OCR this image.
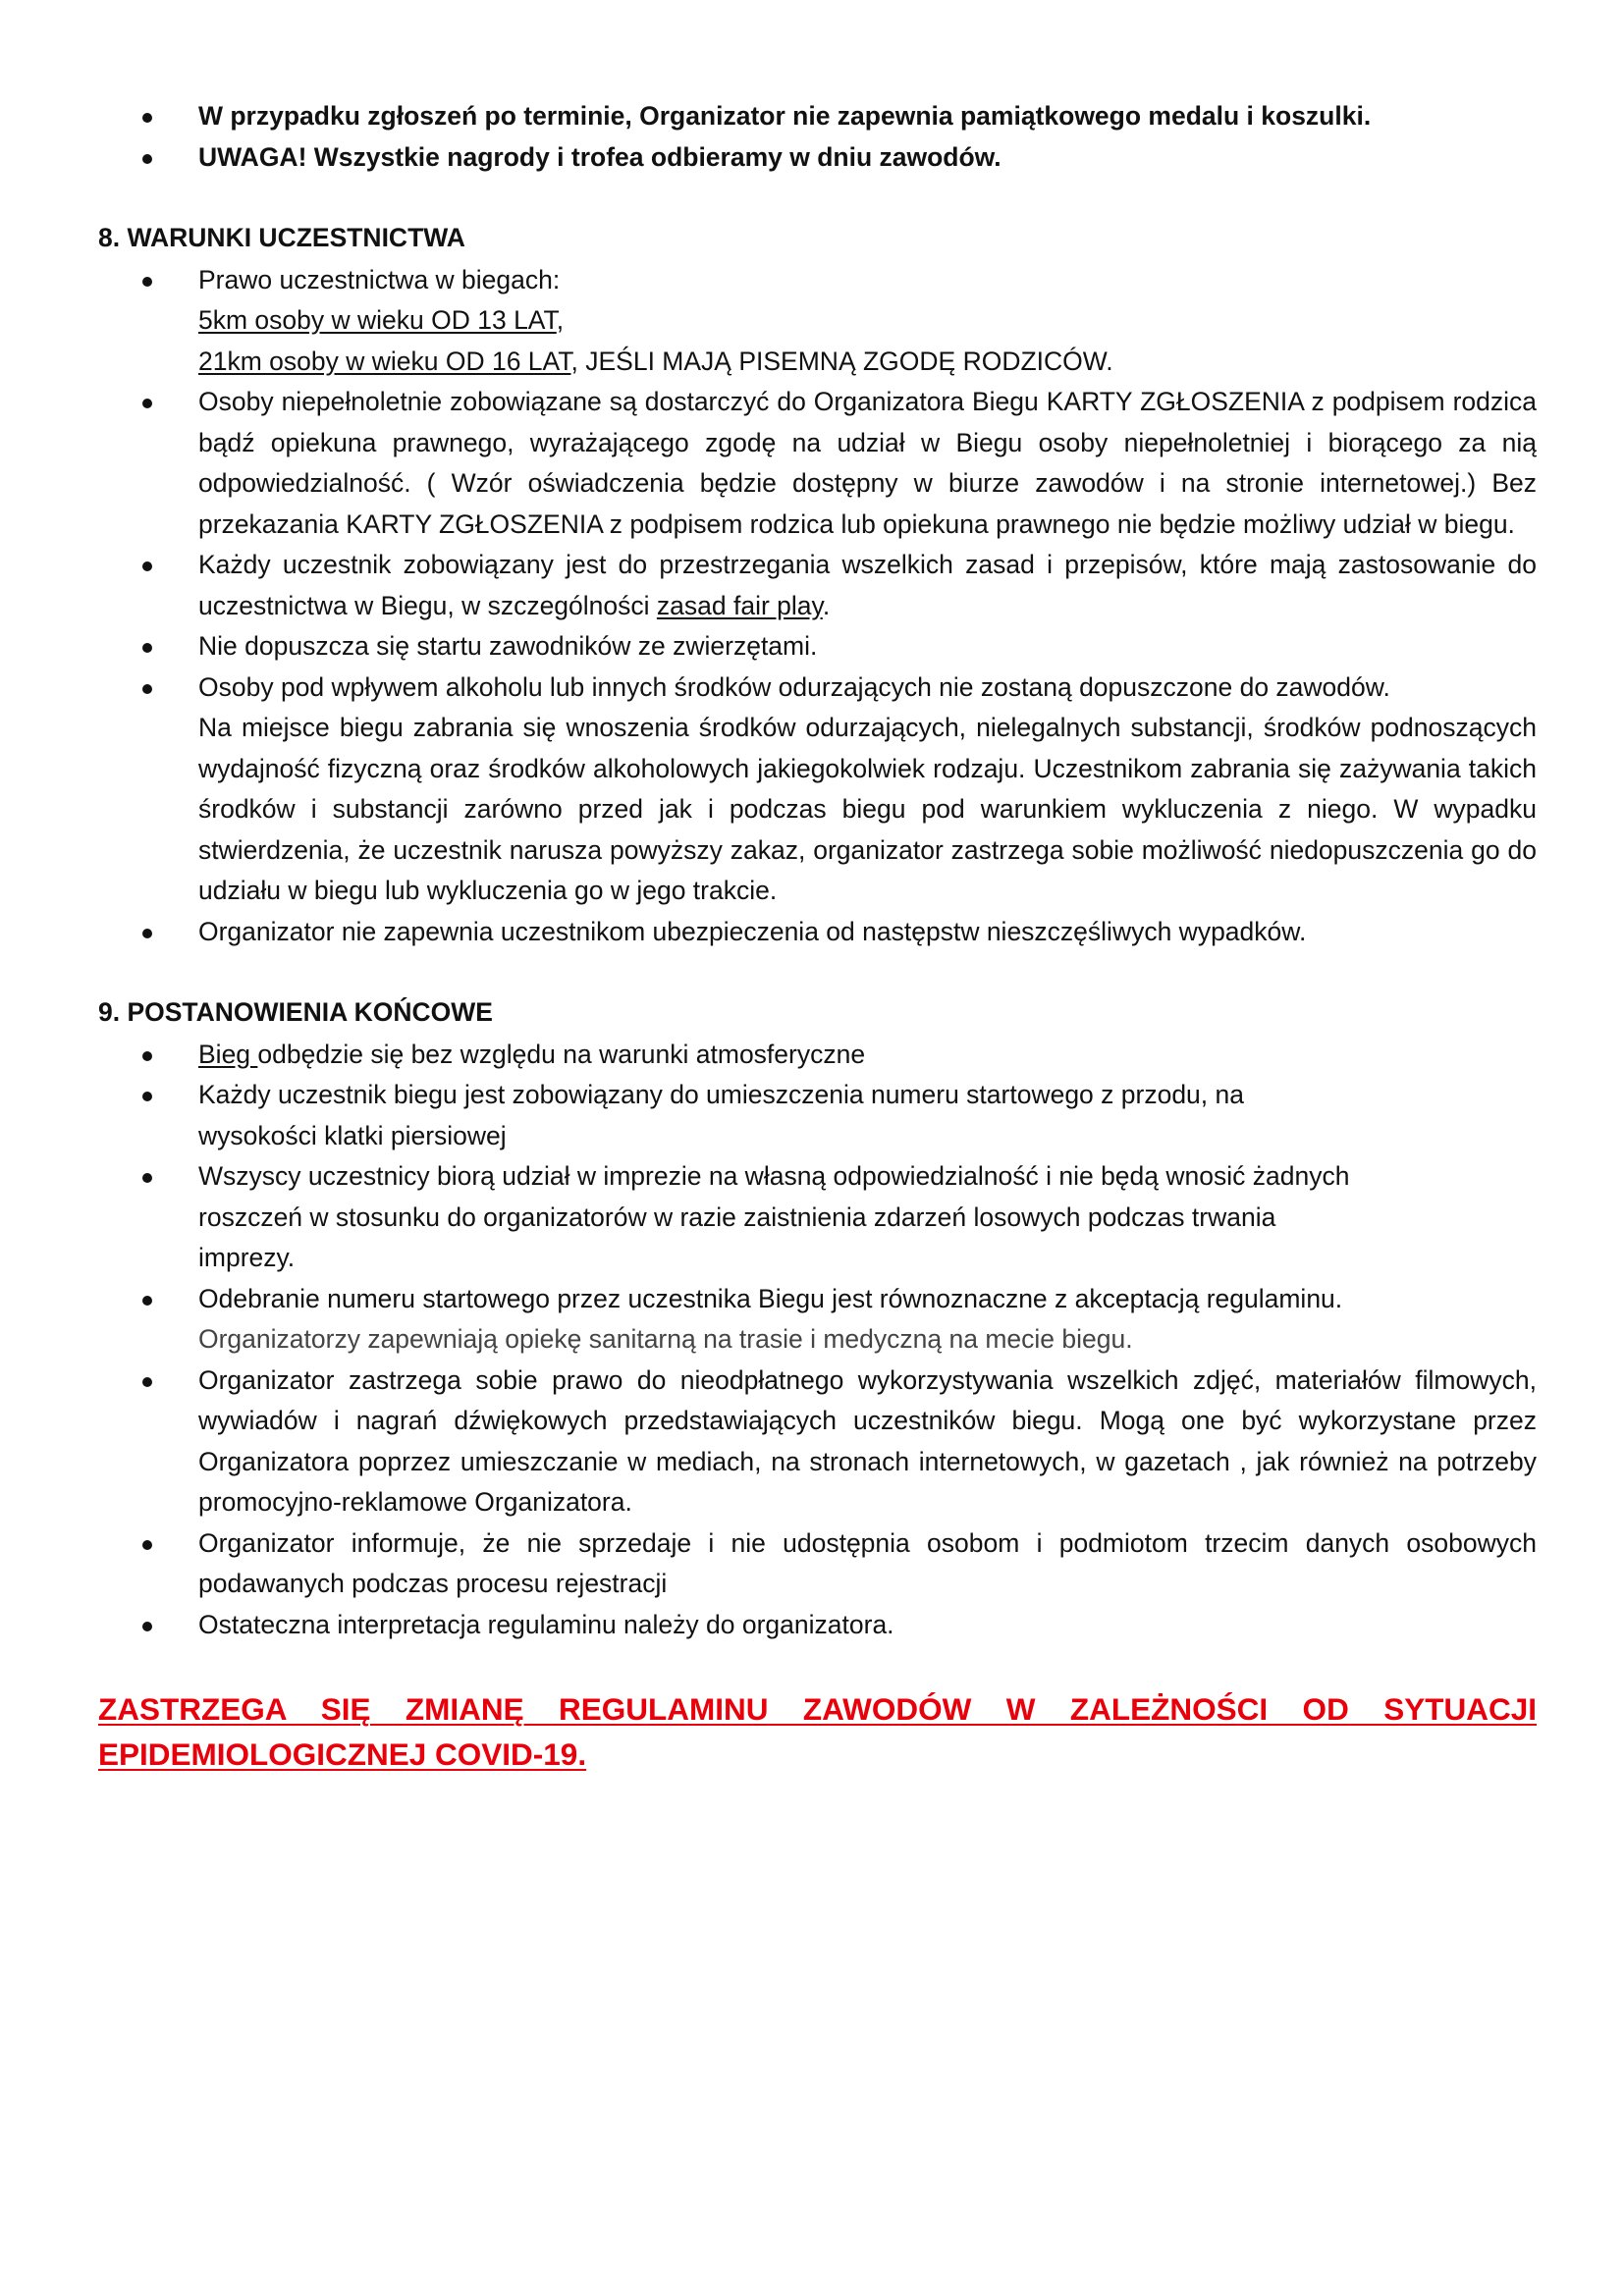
W przypadku zgłoszeń po terminie, Organizator nie zapewnia pamiątkowego medalu i koszulki.
UWAGA! Wszystkie nagrody i trofea odbieramy w dniu zawodów.
8. WARUNKI UCZESTNICTWA
Prawo uczestnictwa w biegach:
5km osoby w wieku OD 13 LAT,
21km osoby w wieku OD 16 LAT, JEŚLI MAJĄ PISEMNĄ ZGODĘ RODZICÓW.
Osoby niepełnoletnie zobowiązane są dostarczyć do Organizatora Biegu KARTY ZGŁOSZENIA z podpisem rodzica bądź opiekuna prawnego, wyrażającego zgodę na udział w Biegu osoby niepełnoletniej i biorącego za nią odpowiedzialność. ( Wzór oświadczenia będzie dostępny w biurze zawodów i na stronie internetowej.) Bez przekazania KARTY ZGŁOSZENIA z podpisem rodzica lub opiekuna prawnego nie będzie możliwy udział w biegu.
Każdy uczestnik zobowiązany jest do przestrzegania wszelkich zasad i przepisów, które mają zastosowanie do uczestnictwa w Biegu, w szczególności zasad fair play.
Nie dopuszcza się startu zawodników ze zwierzętami.
Osoby pod wpływem alkoholu lub innych środków odurzających nie zostaną dopuszczone do zawodów.
Na miejsce biegu zabrania się wnoszenia środków odurzających, nielegalnych substancji, środków podnoszących wydajność fizyczną oraz środków alkoholowych jakiegokolwiek rodzaju. Uczestnikom zabrania się zażywania takich środków i substancji zarówno przed jak i podczas biegu pod warunkiem wykluczenia z niego. W wypadku stwierdzenia, że uczestnik narusza powyższy zakaz, organizator zastrzega sobie możliwość niedopuszczenia go do udziału w biegu lub wykluczenia go w jego trakcie.
Organizator nie zapewnia uczestnikom ubezpieczenia od następstw nieszczęśliwych wypadków.
9. POSTANOWIENIA KOŃCOWE
Bieg odbędzie się bez względu na warunki atmosferyczne
Każdy uczestnik biegu jest zobowiązany do umieszczenia numeru startowego z przodu, na
wysokości klatki piersiowej
Wszyscy uczestnicy biorą udział w imprezie na własną odpowiedzialność i nie będą wnosić żadnych
roszczeń w stosunku do organizatorów w razie zaistnienia zdarzeń losowych podczas trwania
imprezy.
Odebranie numeru startowego przez uczestnika Biegu jest równoznaczne z akceptacją regulaminu.
Organizatorzy zapewniają opiekę sanitarną na trasie i medyczną na mecie biegu.
Organizator zastrzega sobie prawo do nieodpłatnego wykorzystywania wszelkich zdjęć, materiałów filmowych, wywiadów i nagrań dźwiękowych przedstawiających uczestników biegu. Mogą one być wykorzystane przez Organizatora poprzez umieszczanie w mediach, na stronach internetowych, w gazetach , jak również na potrzeby promocyjno-reklamowe Organizatora.
Organizator informuje, że nie sprzedaje i nie udostępnia osobom i podmiotom trzecim danych osobowych podawanych podczas procesu rejestracji
Ostateczna interpretacja regulaminu należy do organizatora.
ZASTRZEGA SIĘ ZMIANĘ REGULAMINU ZAWODÓW W ZALEŻNOŚCI OD SYTUACJI
EPIDEMIOLOGICZNEJ COVID-19.
